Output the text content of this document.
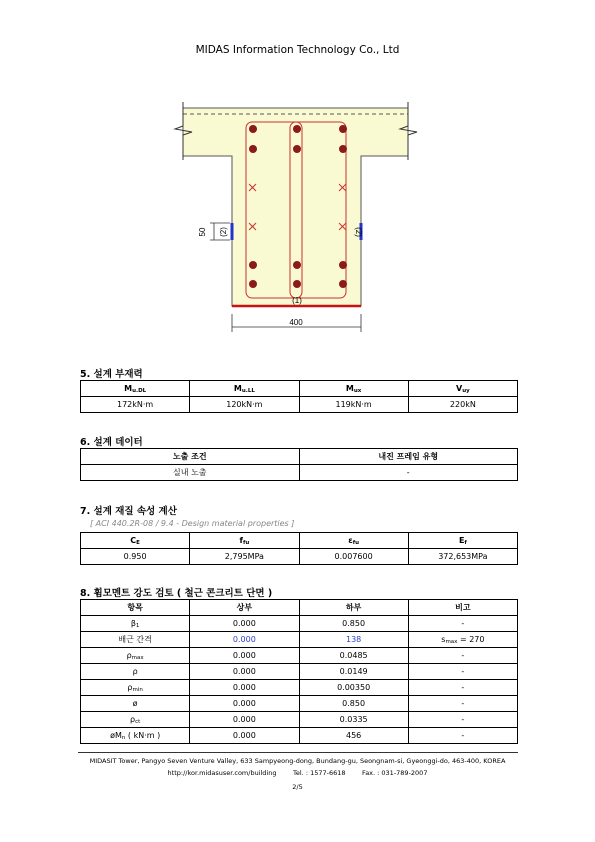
MIDAS Information Technology Co., Ltd
400
(1)
50 (2)	(2)
5. 설계 부재력
$M_{u.DL}$	$M_{u.LL}$	$M_{ux}$	$V_{uy}$
172kN·m	120kN·m	119kN·m	220kN
6. 설계 데이터
노출 조건	내진 프레임 유형
실내 노출	-
7. 설계 재질 속성 계산
[ ACI 440.2R-08 / 9.4 - Design material properties ]
$C_E$	$f_{fu}$	$\varepsilon_{fu}$	$E_f$
0.950	2,795MPa	0.007600	372,653MPa
8. 휨모멘트 강도 검토 ( 철근 콘크리트 단면 )
항목	상부	하부	비고
$\beta_1$	0.000	0.850	-
배근 간격	0.000	138	$s_{max} = 270$
$\rho_{max}$	0.000	0.0485	-
ρ	0.000	0.0149	-
$\rho_{min}$	0.000	0.00350	-
ø	0.000	0.850	-
$\rho_{ct}$	0.000	0.0335	-
$øM_n$ ( kN·m )	0.000	456	-
MIDASIT Tower, Pangyo Seven Venture Valley, 633 Sampyeong-dong, Bundang-gu, Seongnam-si, Gyeonggi-do, 463-400, KOREA
http://kor.midasuser.com/building	Tel. : 1577-6618	Fax. : 031-789-2007
2/5
